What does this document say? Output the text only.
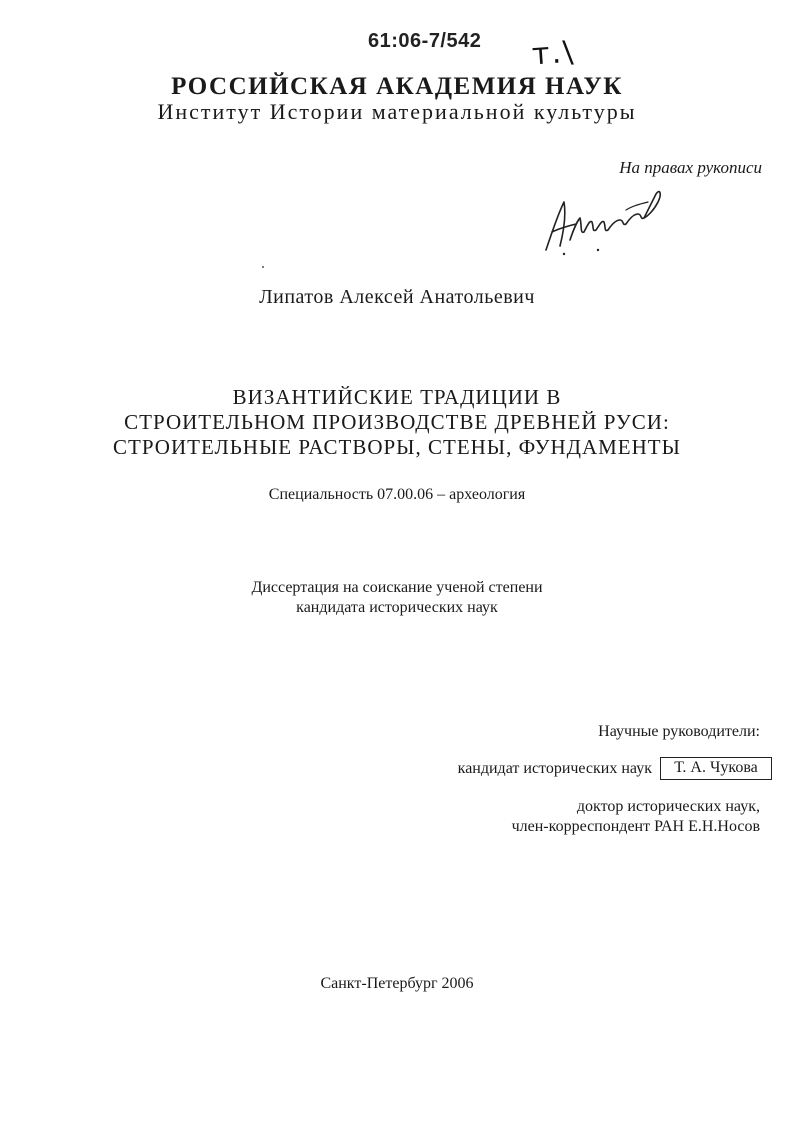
61:06-7/542 т.\
РОССИЙСКАЯ АКАДЕМИЯ НАУК
Институт Истории материальной культуры
На правах рукописи
Липатов Алексей Анатольевич
ВИЗАНТИЙСКИЕ ТРАДИЦИИ В
СТРОИТЕЛЬНОМ ПРОИЗВОДСТВЕ ДРЕВНЕЙ РУСИ:
СТРОИТЕЛЬНЫЕ РАСТВОРЫ, СТЕНЫ, ФУНДАМЕНТЫ
Специальность 07.00.06 – археология
Диссертация на соискание ученой степени
кандидата исторических наук
Научные руководители:
кандидат исторических наук	Т. А. Чукова
доктор исторических наук,
член-корреспондент РАН Е.Н.Носов
Санкт-Петербург 2006
